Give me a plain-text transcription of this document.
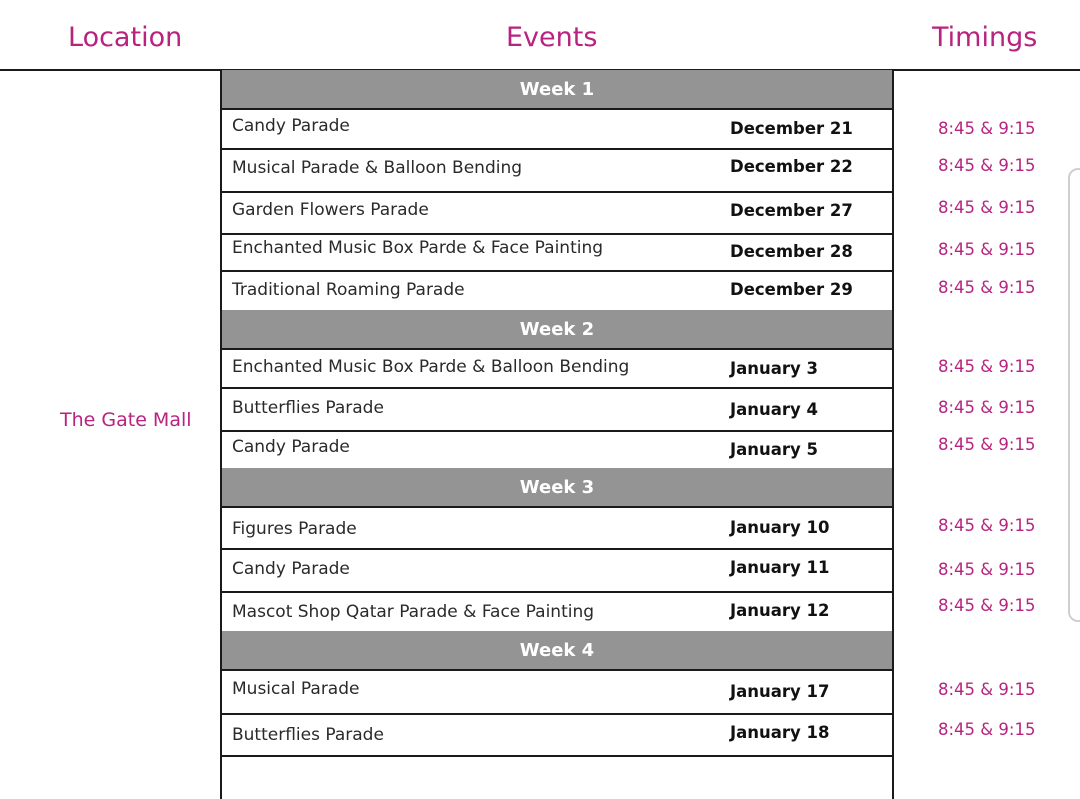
Location	Events	Timings
The Gate Mall
Week 1
Candy Parade	December 21	8:45 & 9:15
Musical Parade & Balloon Bending	December 22	8:45 & 9:15
Garden Flowers Parade	December 27	8:45 & 9:15
Enchanted Music Box Parde & Face Painting	December 28	8:45 & 9:15
Traditional Roaming Parade	December 29	8:45 & 9:15
Week 2
Enchanted Music Box Parde & Balloon Bending	January 3	8:45 & 9:15
Butterflies Parade	January 4	8:45 & 9:15
Candy Parade	January 5	8:45 & 9:15
Week 3
Figures Parade	January 10	8:45 & 9:15
Candy Parade	January 11	8:45 & 9:15
Mascot Shop Qatar Parade & Face Painting	January 12	8:45 & 9:15
Week 4
Musical Parade	January 17	8:45 & 9:15
Butterflies Parade	January 18	8:45 & 9:15
